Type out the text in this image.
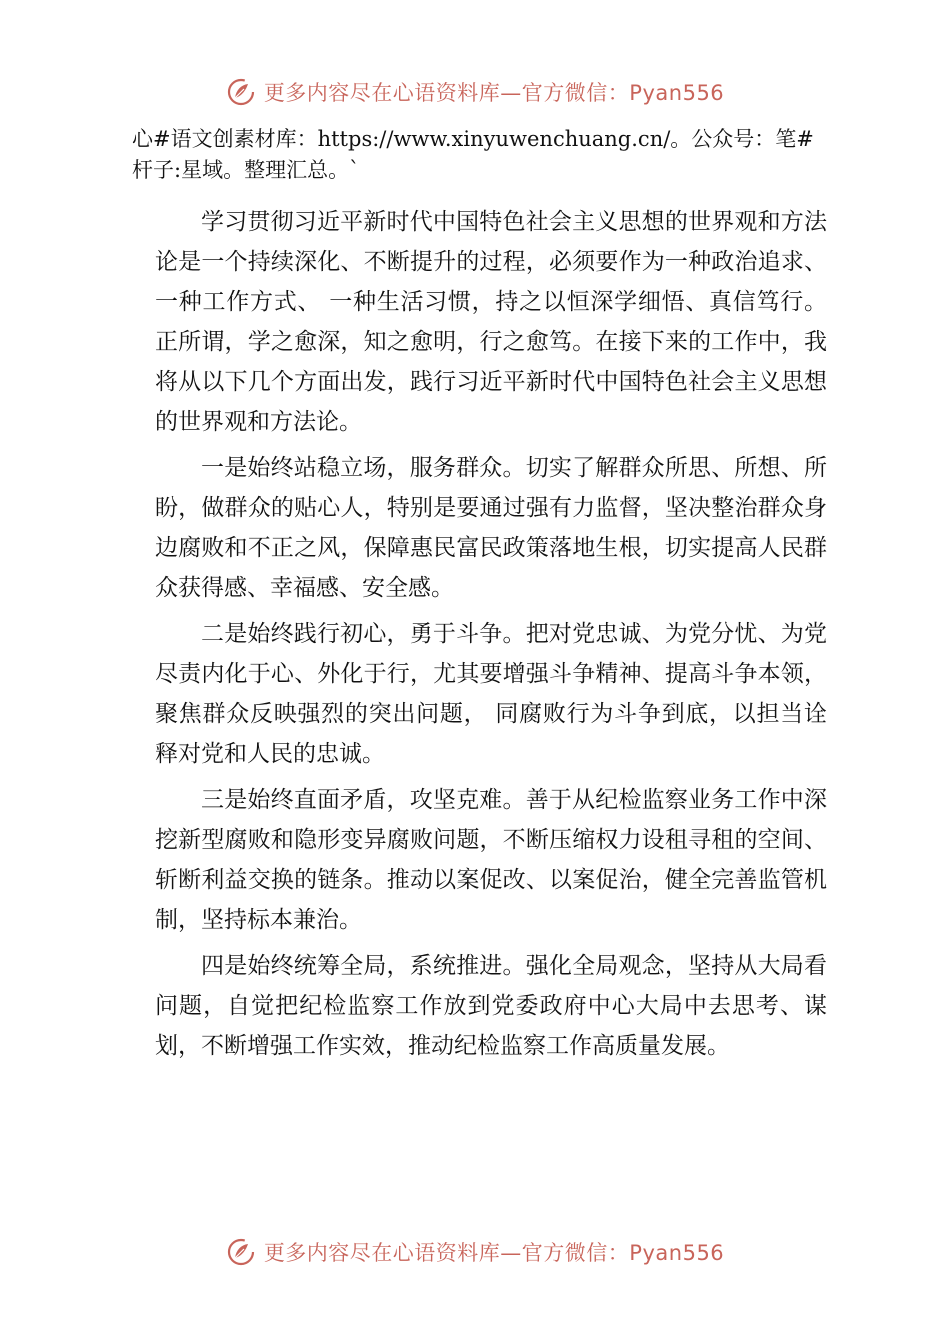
更多内容尽在心语资料库—官方微信：Pyan556

心#语文创素材库：https://www.xinyuwenchuang.cn/。公众号：笔#杆子:星域。整理汇总。`

学习贯彻习近平新时代中国特色社会主义思想的世界观和方法论是一个持续深化、不断提升的过程，必须要作为一种政治追求、 一种工作方式、 一种生活习惯，持之以恒深学细悟、真信笃行。正所谓，学之愈深，知之愈明，行之愈笃。在接下来的工作中，我将从以下几个方面出发，践行习近平新时代中国特色社会主义思想的世界观和方法论。

一是始终站稳立场，服务群众。切实了解群众所思、所想、所盼，做群众的贴心人，特别是要通过强有力监督，坚决整治群众身边腐败和不正之风，保障惠民富民政策落地生根，切实提高人民群众获得感、幸福感、安全感。

二是始终践行初心，勇于斗争。把对党忠诚、为党分忧、为党尽责内化于心、外化于行，尤其要增强斗争精神、提高斗争本领，聚焦群众反映强烈的突出问题， 同腐败行为斗争到底，以担当诠释对党和人民的忠诚。

三是始终直面矛盾，攻坚克难。善于从纪检监察业务工作中深挖新型腐败和隐形变异腐败问题，不断压缩权力设租寻租的空间、斩断利益交换的链条。推动以案促改、以案促治，健全完善监管机制，坚持标本兼治。

四是始终统筹全局，系统推进。强化全局观念，坚持从大局看问题，自觉把纪检监察工作放到党委政府中心大局中去思考、谋划，不断增强工作实效，推动纪检监察工作高质量发展。

更多内容尽在心语资料库—官方微信：Pyan556
